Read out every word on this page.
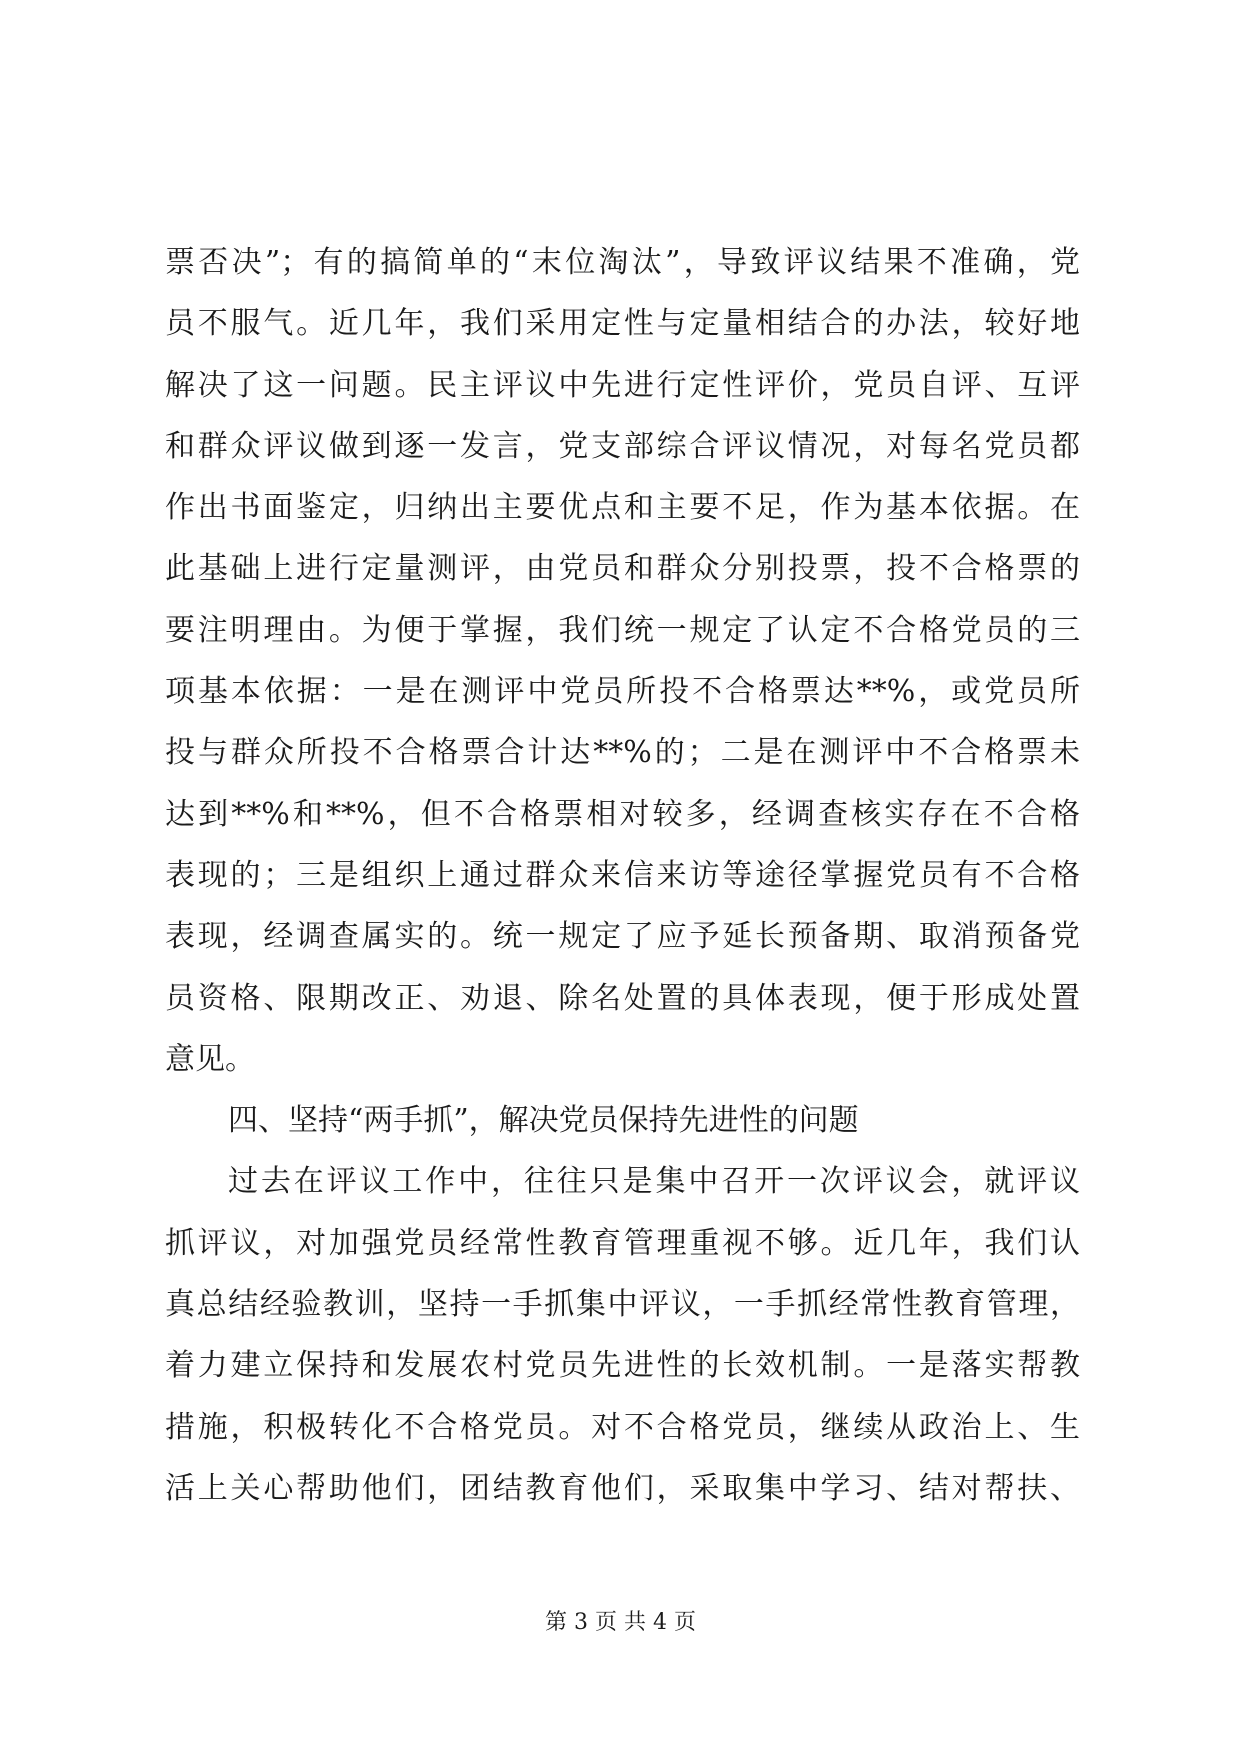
票否决”；有的搞简单的“末位淘汰”，导致评议结果不准确，党
员不服气。近几年，我们采用定性与定量相结合的办法，较好地
解决了这一问题。民主评议中先进行定性评价，党员自评、互评
和群众评议做到逐一发言，党支部综合评议情况，对每名党员都
作出书面鉴定，归纳出主要优点和主要不足，作为基本依据。在
此基础上进行定量测评，由党员和群众分别投票，投不合格票的
要注明理由。为便于掌握，我们统一规定了认定不合格党员的三
项基本依据：一是在测评中党员所投不合格票达**%，或党员所
投与群众所投不合格票合计达**%的；二是在测评中不合格票未
达到**%和**%，但不合格票相对较多，经调查核实存在不合格
表现的；三是组织上通过群众来信来访等途径掌握党员有不合格
表现，经调查属实的。统一规定了应予延长预备期、取消预备党
员资格、限期改正、劝退、除名处置的具体表现，便于形成处置
意见。
四、坚持“两手抓”，解决党员保持先进性的问题
过去在评议工作中，往往只是集中召开一次评议会，就评议
抓评议，对加强党员经常性教育管理重视不够。近几年，我们认
真总结经验教训，坚持一手抓集中评议，一手抓经常性教育管理，
着力建立保持和发展农村党员先进性的长效机制。一是落实帮教
措施，积极转化不合格党员。对不合格党员，继续从政治上、生
活上关心帮助他们，团结教育他们，采取集中学习、结对帮扶、
第 3 页 共 4 页
